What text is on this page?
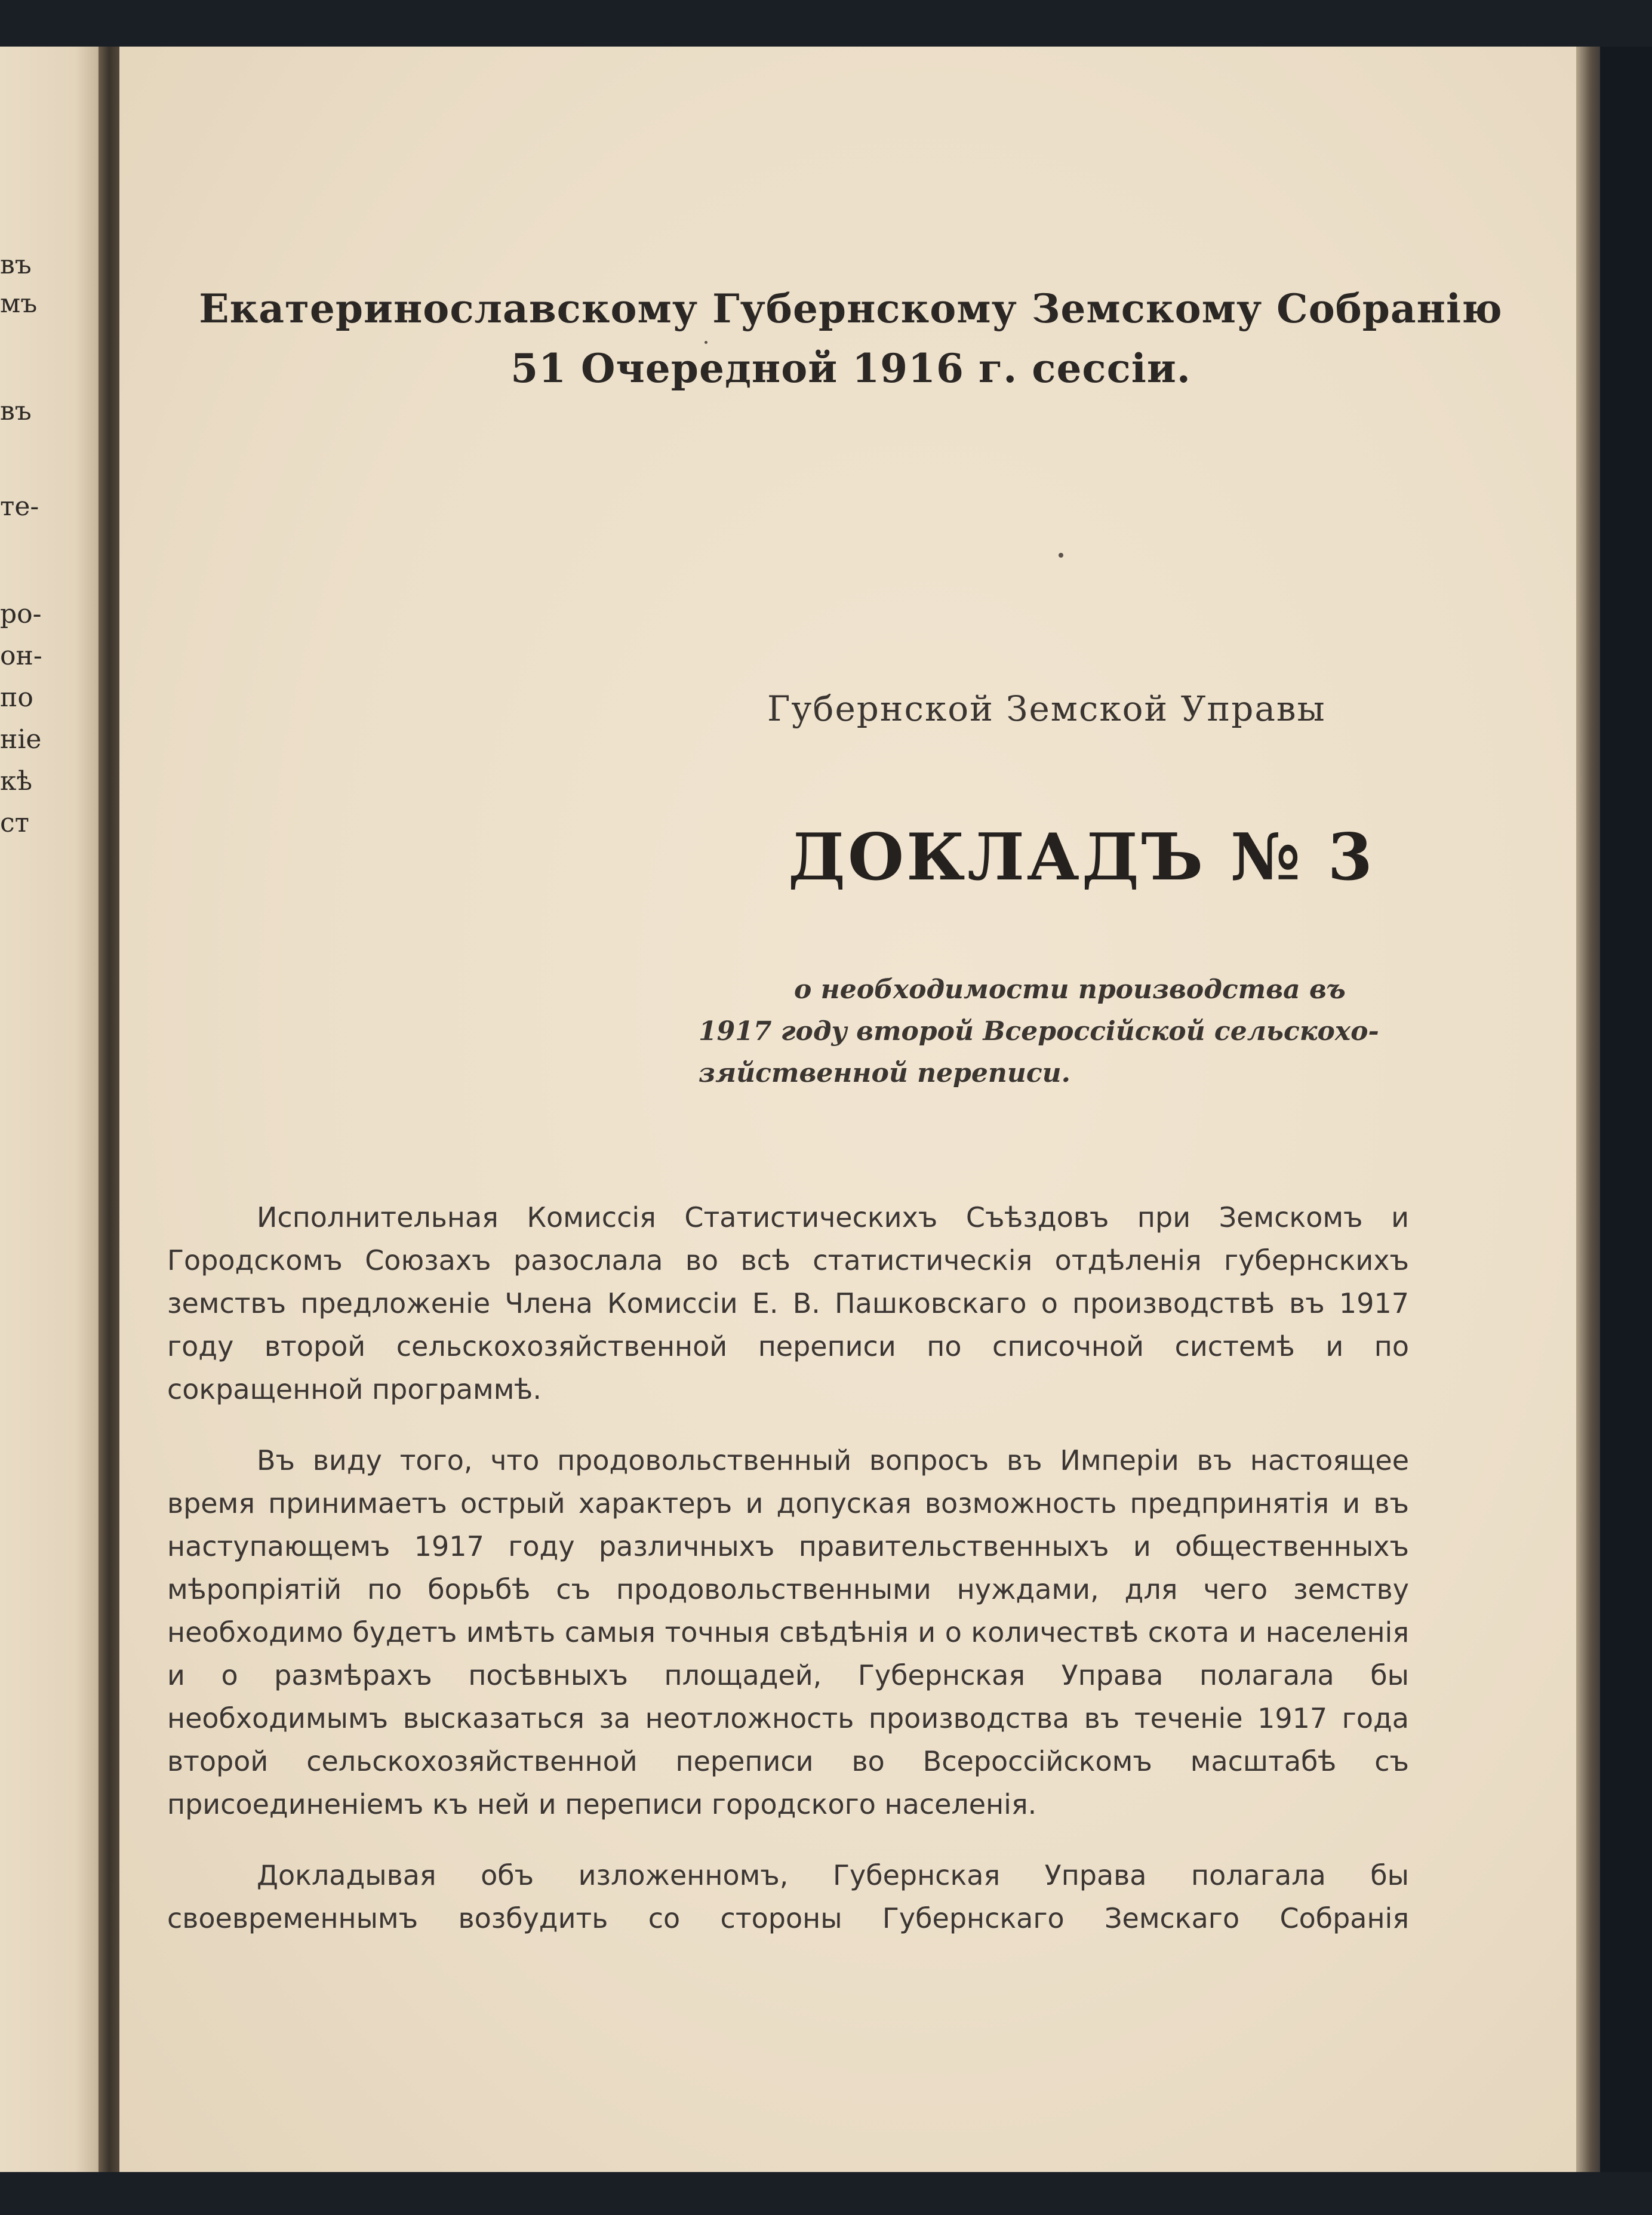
въ
мъ
въ
те-
ро-
он-
по
ніе
кѣ
ст
Екатеринославскому Губернскому Земскому Собранію
51 Очередной 1916 г. сессіи.
Губернской Земской Управы
ДОКЛАДЪ № 3
о необходимости производства въ
1917 году второй Всероссійской сельскохо-
зяйственной переписи.

Исполнительная Комиссія Статистическихъ Съѣздовъ при Земскомъ и Городскомъ Союзахъ разослала во всѣ статистическія отдѣленія губернскихъ земствъ предложеніе Члена Комиссіи Е. В. Пашковскаго о производствѣ въ 1917 году второй сельскохозяйственной переписи по списочной системѣ и по сокращенной программѣ.

Въ виду того, что продовольственный вопросъ въ Имперіи въ настоящее время принимаетъ острый характеръ и допуская возможность предпринятія и въ наступающемъ 1917 году различныхъ правительственныхъ и общественныхъ мѣропріятій по борьбѣ съ продовольственными нуждами, для чего земству необходимо будетъ имѣть самыя точныя свѣдѣнія и о количествѣ скота и населенія и о размѣрахъ посѣвныхъ площадей, Губернская Управа полагала бы необходимымъ высказаться за неотложность производства въ теченіе 1917 года второй сельскохозяйственной переписи во Всероссійскомъ масштабѣ съ присоединеніемъ къ ней и переписи городского населенія.

Докладывая объ изложенномъ, Губернская Управа полагала бы своевременнымъ возбудить со стороны Губернскаго Земскаго Собранія
